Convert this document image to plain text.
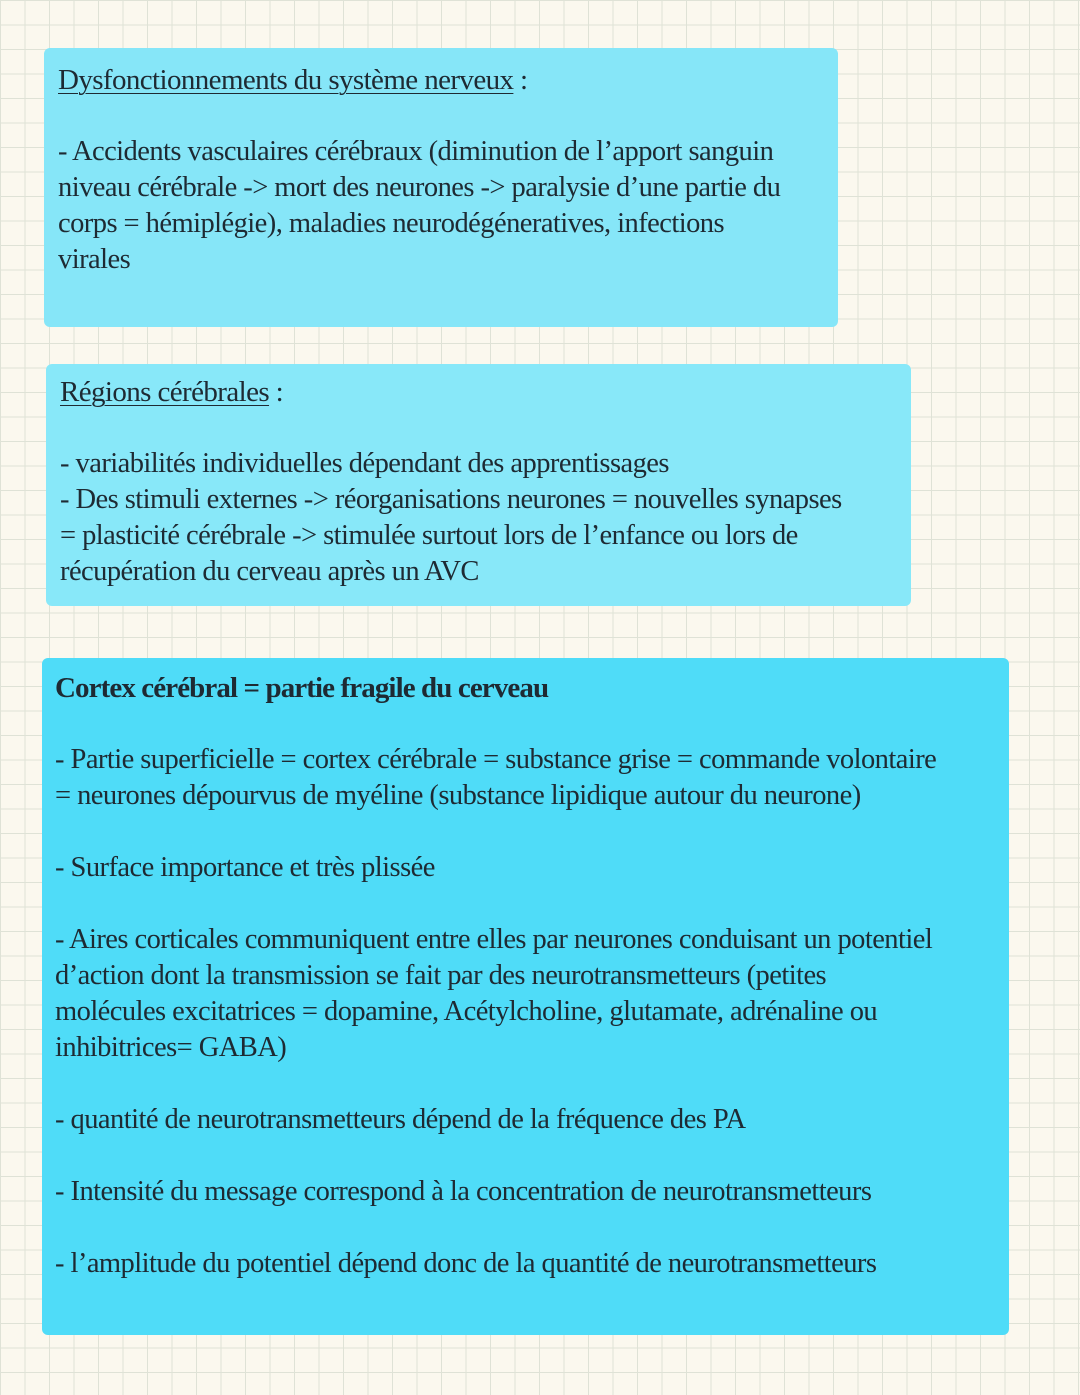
Dysfonctionnements du système nerveux :

- Accidents vasculaires cérébraux (diminution de l’apport sanguin

niveau cérébrale -> mort des neurones -> paralysie d’une partie du

corps = hémiplégie), maladies neurodégéneratives, infections

virales

Régions cérébrales :

- variabilités individuelles dépendant des apprentissages

- Des stimuli externes -> réorganisations neurones = nouvelles synapses

= plasticité cérébrale -> stimulée surtout lors de l’enfance ou lors de

récupération du cerveau après un AVC

Cortex cérébral = partie fragile du cerveau

- Partie superficielle = cortex cérébrale = substance grise = commande volontaire

= neurones dépourvus de myéline (substance lipidique autour du neurone)

- Surface importance et très plissée

- Aires corticales communiquent entre elles par neurones conduisant un potentiel

d’action dont la transmission se fait par des neurotransmetteurs (petites

molécules excitatrices = dopamine, Acétylcholine, glutamate, adrénaline ou

inhibitrices= GABA)

- quantité de neurotransmetteurs dépend de la fréquence des PA

- Intensité du message correspond à la concentration de neurotransmetteurs

- l’amplitude du potentiel dépend donc de la quantité de neurotransmetteurs
